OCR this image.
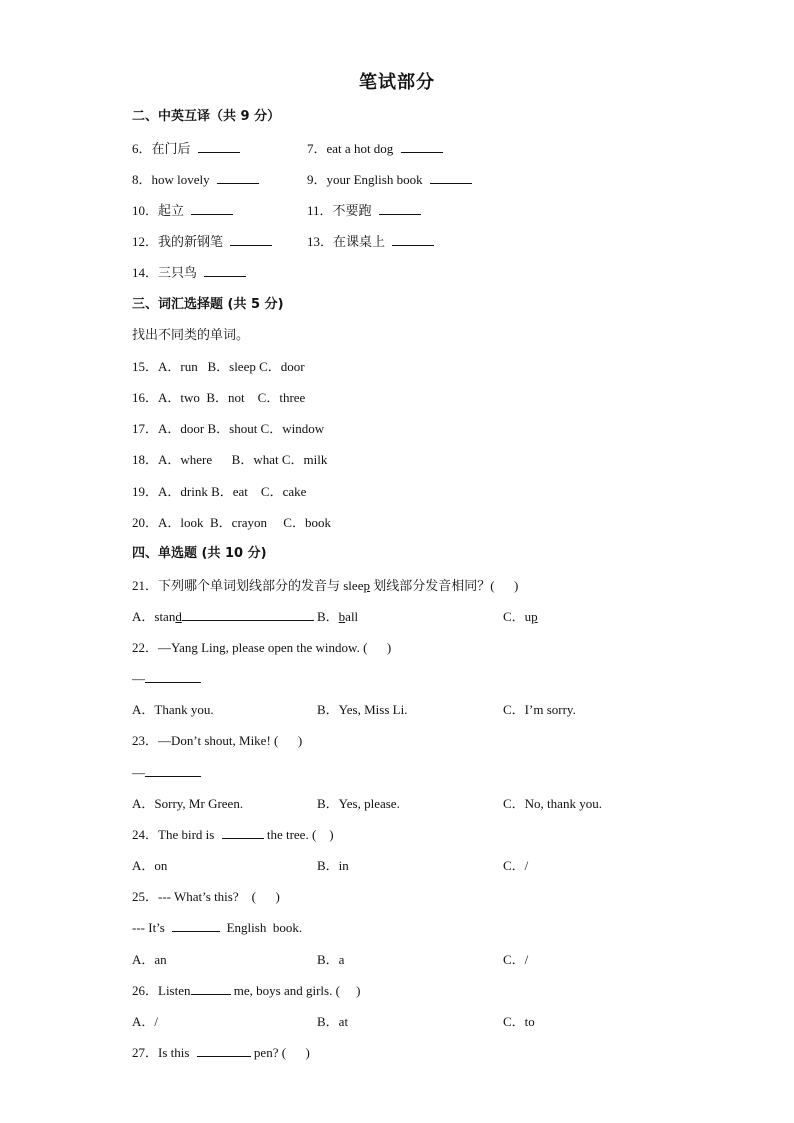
笔试部分
二、中英互译（共 9 分）
6．在门后	7．eat a hot dog
8．how lovely	9．your English book
10．起立	11．不要跑
12．我的新钢笔	13．在课桌上
14．三只鸟
三、词汇选择题 (共 5 分)
找出不同类的单词。
15．A．run   B．sleep C．door
16．A．two  B．not    C．three
17．A．door B．shout C．window
18．A．where      B．what C．milk
19．A．drink B．eat    C．cake
20．A．look  B．crayon     C．book
四、单选题 (共 10 分)
21．下列哪个单词划线部分的发音与 sleep 划线部分发音相同？(      )
A．stand	B．ball	C．up
22．—Yang Ling, please open the window. (      )
—
A．Thank you.	B．Yes, Miss Li.	C．I’m sorry.
23．—Don’t shout, Mike! (      )
—
A．Sorry, Mr Green.	B．Yes, please.	C．No, thank you.
24．The bird is	the tree. (    )
A．on	B．in	C．/
25．--- What’s this?    (      )
--- It’s	English  book.
A．an	B．a	C．/
26．Listen	me, boys and girls. (     )
A．/	B．at	C．to
27．Is this	pen? (      )
